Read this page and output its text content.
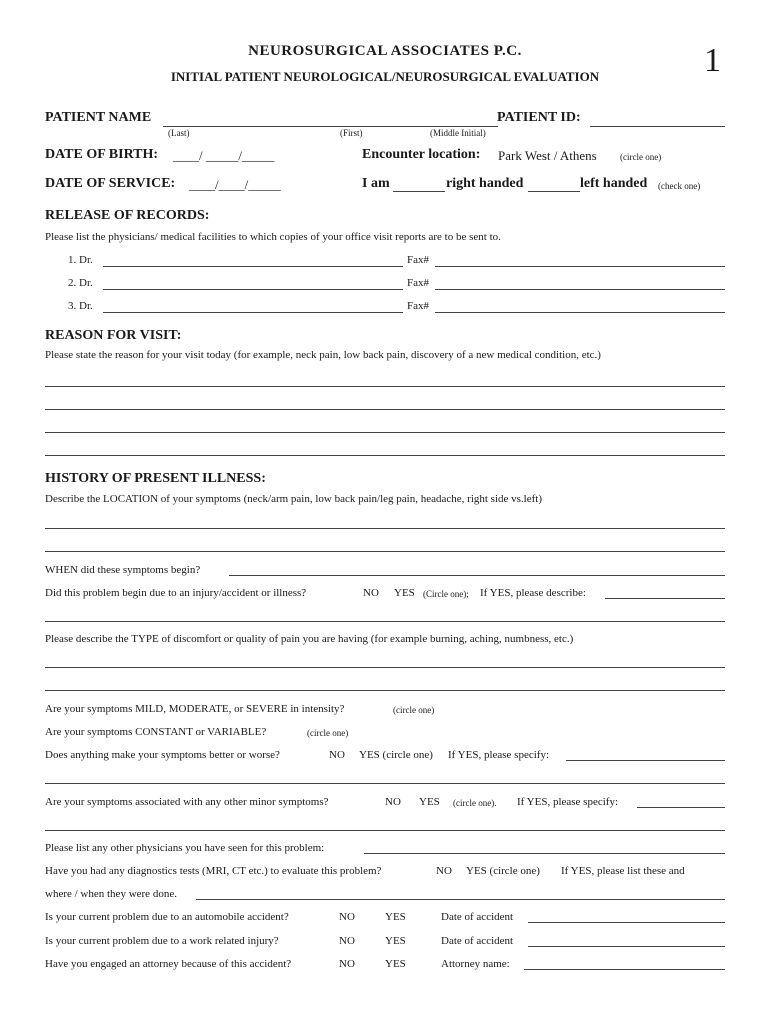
NEUROSURGICAL ASSOCIATES P.C.
INITIAL PATIENT NEUROLOGICAL/NEUROSURGICAL EVALUATION	1
PATIENT NAME
(Last)	(First)	(Middle Initial)
PATIENT ID:
DATE OF BIRTH: ____/ _____/_____	Encounter location: Park West / Athens	(circle one)
DATE OF SERVICE: ____/____/_____	I am	right handed	left handed (check one)
RELEASE OF RECORDS:
Please list the physicians/ medical facilities to which copies of your office visit reports are to be sent to.
1. Dr.	Fax#
2. Dr.	Fax#
3. Dr.	Fax#
REASON FOR VISIT:
Please state the reason for your visit today (for example, neck pain, low back pain, discovery of a new medical condition, etc.)
HISTORY OF PRESENT ILLNESS:
Describe the LOCATION of your symptoms (neck/arm pain, low back pain/leg pain, headache, right side vs.left)
WHEN did these symptoms begin?
Did this problem begin due to an injury/accident or illness?	NO YES (Circle one); If YES, please describe:
Please describe the TYPE of discomfort or quality of pain you are having (for example burning, aching, numbness, etc.)
Are your symptoms MILD, MODERATE, or SEVERE in intensity?	(circle one)
Are your symptoms CONSTANT or VARIABLE?	(circle one)
Does anything make your symptoms better or worse?	NO YES (circle one) If YES, please specify:
Are your symptoms associated with any other minor symptoms?	NO YES (circle one). If YES, please specify:
Please list any other physicians you have seen for this problem:
Have you had any diagnostics tests (MRI, CT etc.) to evaluate this problem?	NO YES (circle one) If YES, please list these and
where / when they were done.
Is your current problem due to an automobile accident?	NO	YES	Date of accident
Is your current problem due to a work related injury?	NO	YES	Date of accident
Have you engaged an attorney because of this accident?	NO	YES	Attorney name:
